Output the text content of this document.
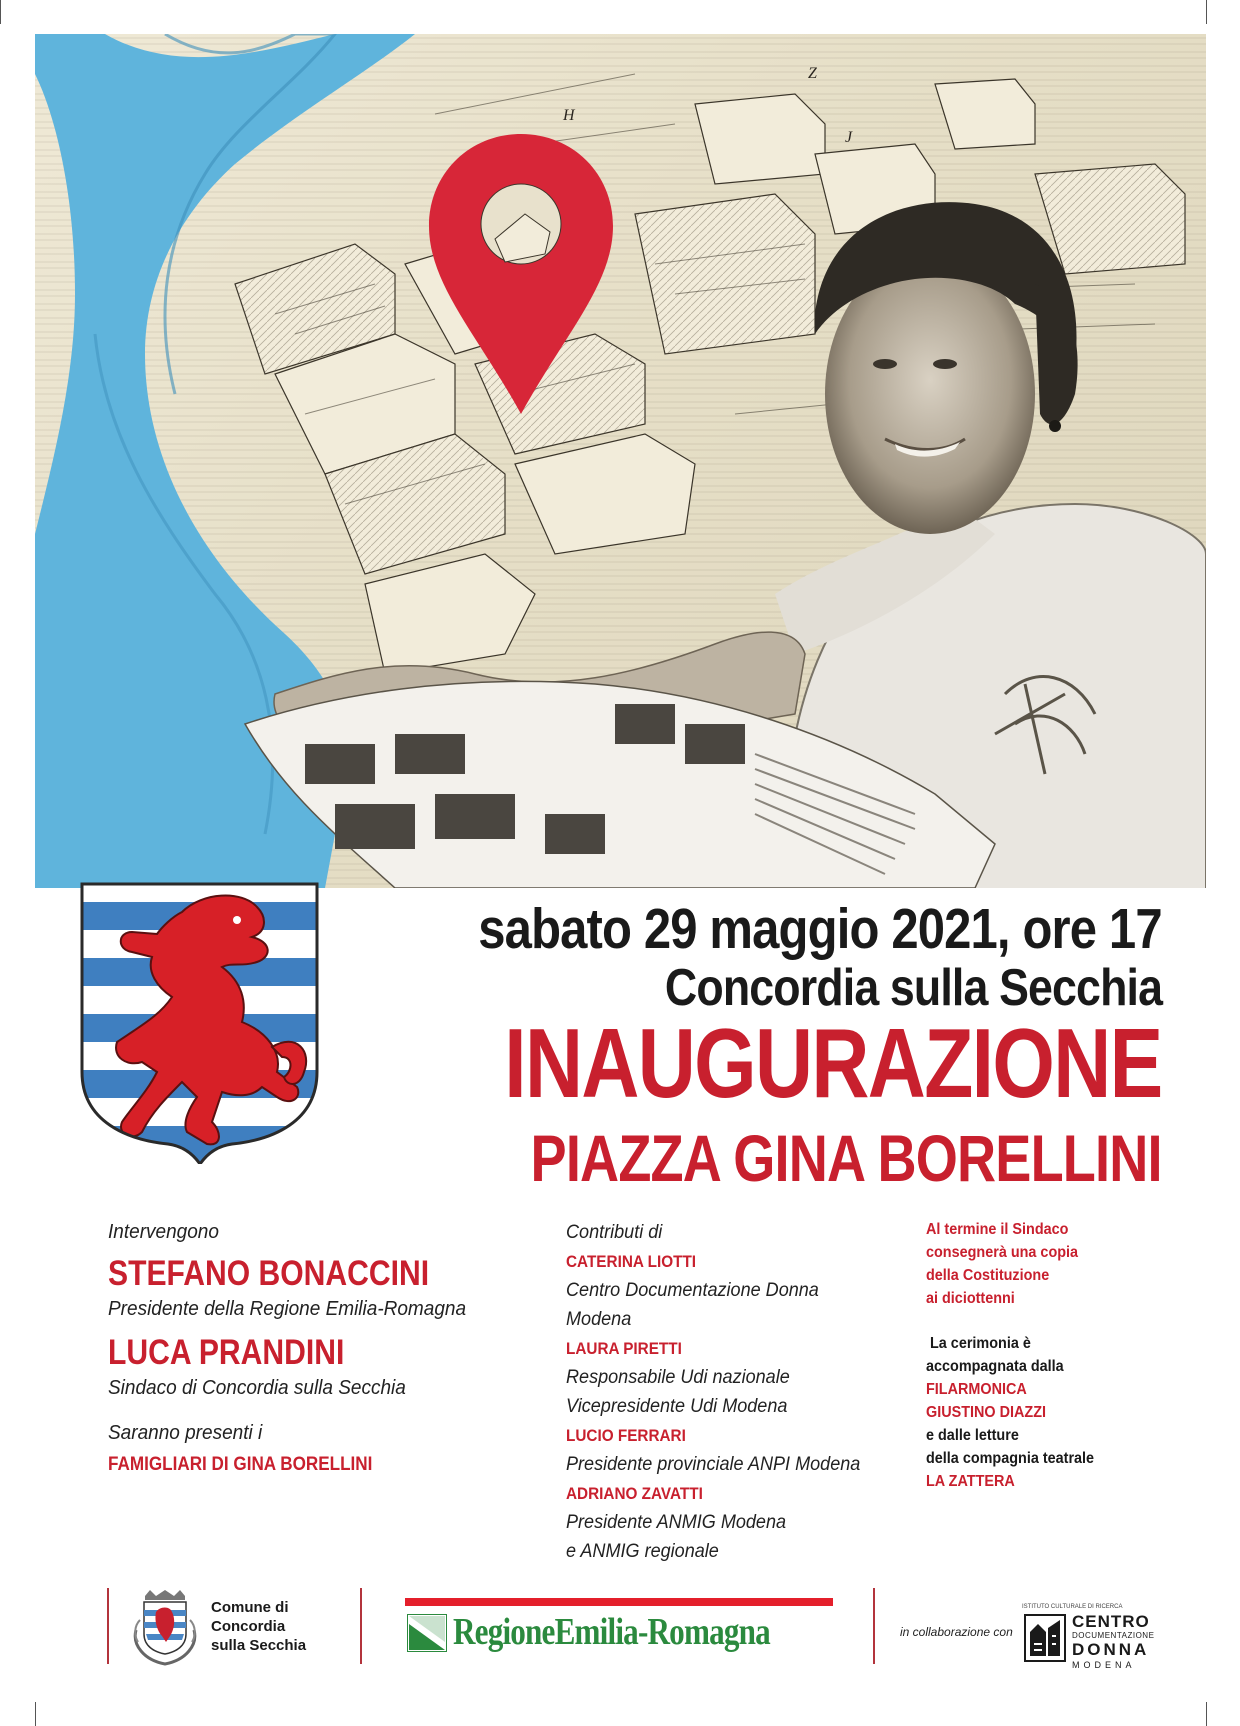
H
Z
J
sabato 29 maggio 2021, ore 17
Concordia sulla Secchia
INAUGURAZIONE
PIAZZA GINA BORELLINI
Intervengono
STEFANO BONACCINI
Presidente della Regione Emilia-Romagna
LUCA PRANDINI
Sindaco di Concordia sulla Secchia
Saranno presenti i
FAMIGLIARI DI GINA BORELLINI
Contributi di
CATERINA LIOTTI
Centro Documentazione Donna
Modena
LAURA PIRETTI
Responsabile Udi nazionale
Vicepresidente Udi Modena
LUCIO FERRARI
Presidente provinciale ANPI Modena
ADRIANO ZAVATTI
Presidente ANMIG Modena
e ANMIG regionale
Al termine il Sindaco
consegnerà una copia
della Costituzione
ai diciottenni
La cerimonia è
accompagnata dalla
FILARMONICA
GIUSTINO DIAZZI
e dalle letture
della compagnia teatrale
LA ZATTERA
Comune di
Concordia
sulla Secchia	RegioneEmilia-Romagna	in collaborazione con
ISTITUTO CULTURALE DI RICERCA
CENTRO
DOCUMENTAZIONE
DONNA
MODENA
